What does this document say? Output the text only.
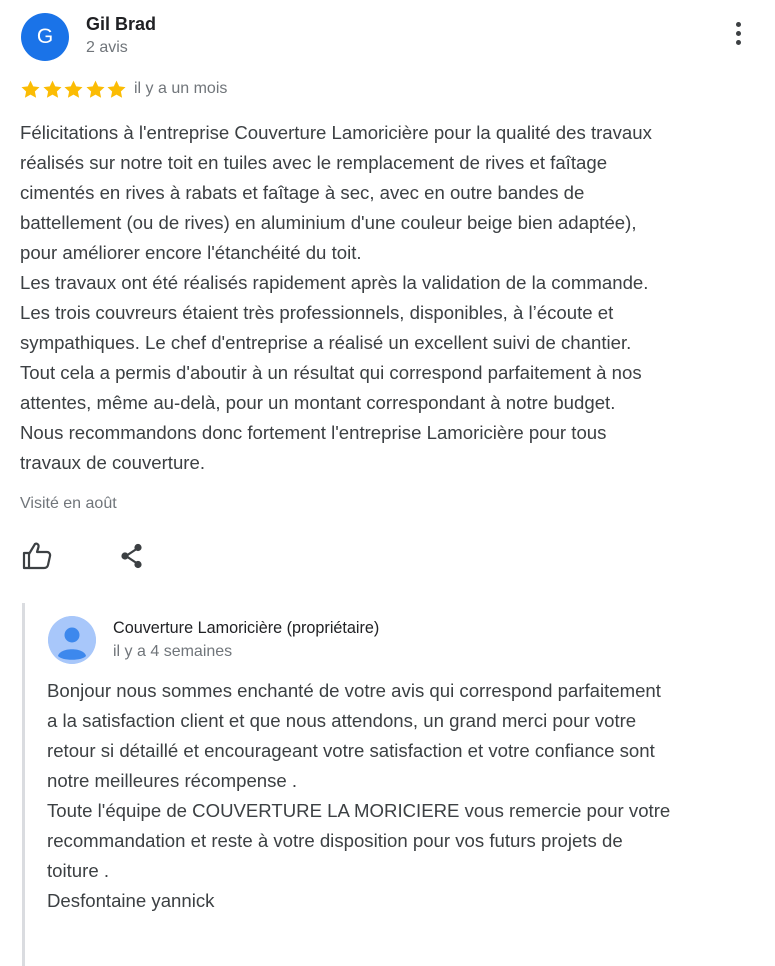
G
Gil Brad
2 avis
il y a un mois

Félicitations à l'entreprise Couverture Lamoricière pour la qualité des travaux
réalisés sur notre toit en tuiles avec le remplacement de rives et faîtage
cimentés en rives à rabats et faîtage à sec, avec en outre bandes de
battellement (ou de rives) en aluminium d'une couleur beige bien adaptée),
pour améliorer encore l'étanchéité du toit.
Les travaux ont été réalisés rapidement après la validation de la commande.
Les trois couvreurs étaient très professionnels, disponibles, à l’écoute et
sympathiques. Le chef d'entreprise a réalisé un excellent suivi de chantier.
Tout cela a permis d'aboutir à un résultat qui correspond parfaitement à nos
attentes, même au-delà, pour un montant correspondant à notre budget.
Nous recommandons donc fortement l'entreprise Lamoricière pour tous
travaux de couverture.

Visité en août
Couverture Lamoricière (propriétaire)
il y a 4 semaines

Bonjour nous sommes enchanté de votre avis qui correspond parfaitement
a la satisfaction client et que nous attendons, un grand merci pour votre
retour si détaillé et encourageant votre satisfaction et votre confiance sont
notre meilleures récompense .
Toute l'équipe de COUVERTURE LA MORICIERE vous remercie pour votre
recommandation et reste à votre disposition pour vos futurs projets de
toiture .
Desfontaine yannick
